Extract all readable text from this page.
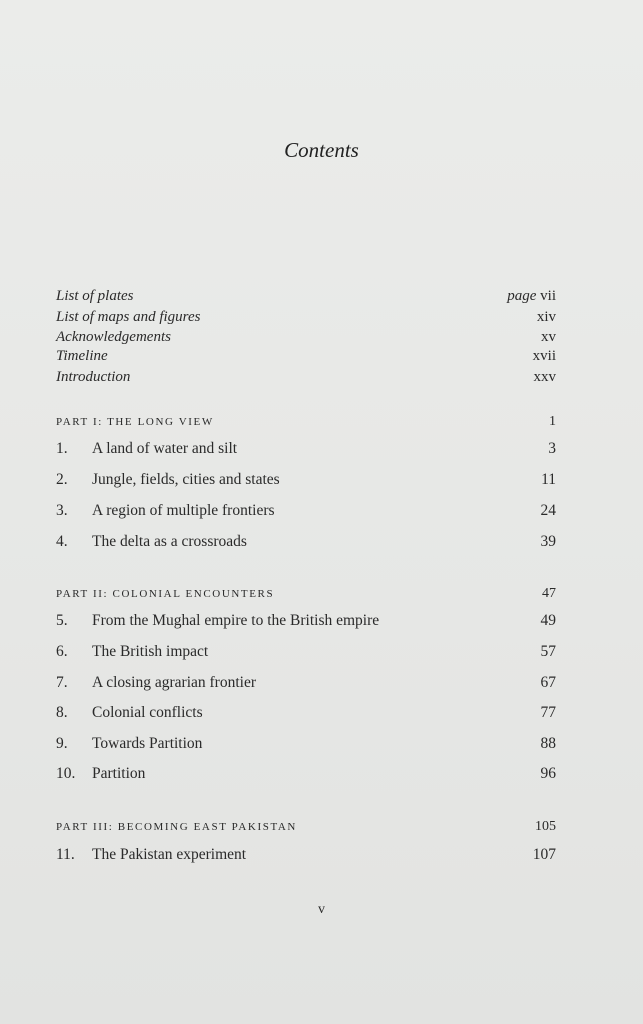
Contents
List of plates	page vii
List of maps and figures	xiv
Acknowledgements	xv
Timeline	xvii
Introduction	xxv
PART I: THE LONG VIEW	1
1.	A land of water and silt	3
2.	Jungle, fields, cities and states	11
3.	A region of multiple frontiers	24
4.	The delta as a crossroads	39
PART II: COLONIAL ENCOUNTERS	47
5.	From the Mughal empire to the British empire	49
6.	The British impact	57
7.	A closing agrarian frontier	67
8.	Colonial conflicts	77
9.	Towards Partition	88
10.	Partition	96
PART III: BECOMING EAST PAKISTAN	105
11.	The Pakistan experiment	107
v
